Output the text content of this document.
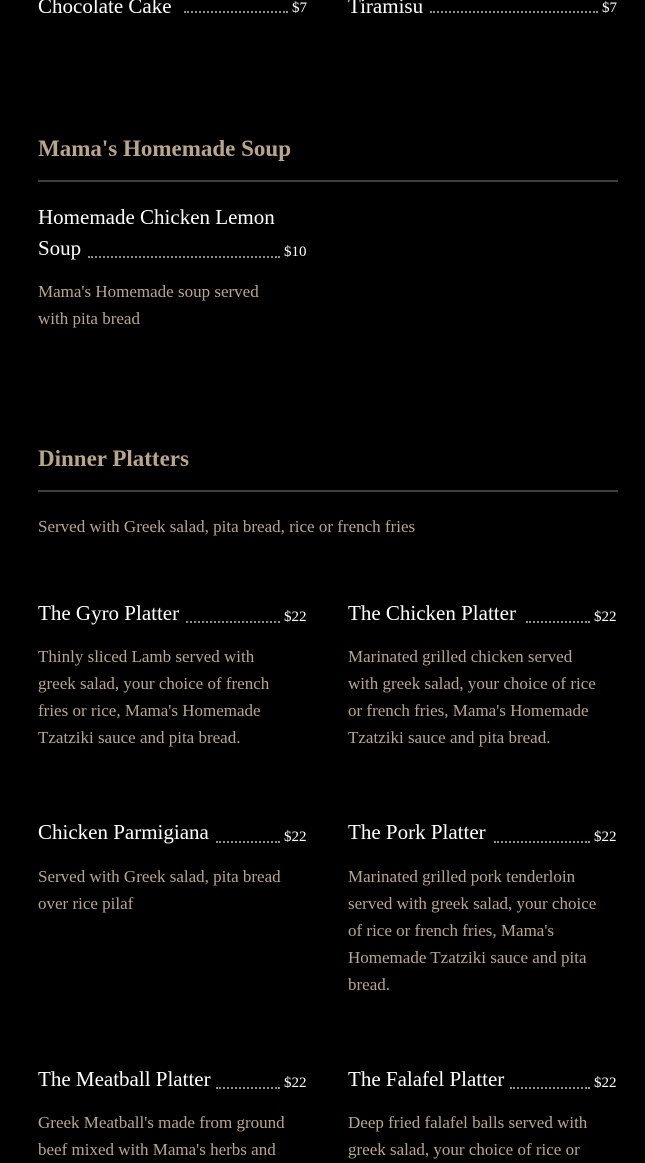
Chocolate Cake	$7 Tiramisu	$7
Mama's Homemade Soup
Homemade Chicken Lemon
Soup	$10
Mama's Homemade soup served
with pita bread
Dinner Platters
Served with Greek salad, pita bread, rice or french fries
The Gyro Platter	$22
Thinly sliced Lamb served with
greek salad, your choice of french
fries or rice, Mama's Homemade
Tzatziki sauce and pita bread.
The Chicken Platter	$22
Marinated grilled chicken served
with greek salad, your choice of rice
or french fries, Mama's Homemade
Tzatziki sauce and pita bread.
Chicken Parmigiana	$22
Served with Greek salad, pita bread
over rice pilaf
The Pork Platter	$22
Marinated grilled pork tenderloin
served with greek salad, your choice
of rice or french fries, Mama's
Homemade Tzatziki sauce and pita
bread.
The Meatball Platter	$22
Greek Meatball's made from ground
beef mixed with Mama's herbs and
The Falafel Platter	$22
Deep fried falafel balls served with
greek salad, your choice of rice or
